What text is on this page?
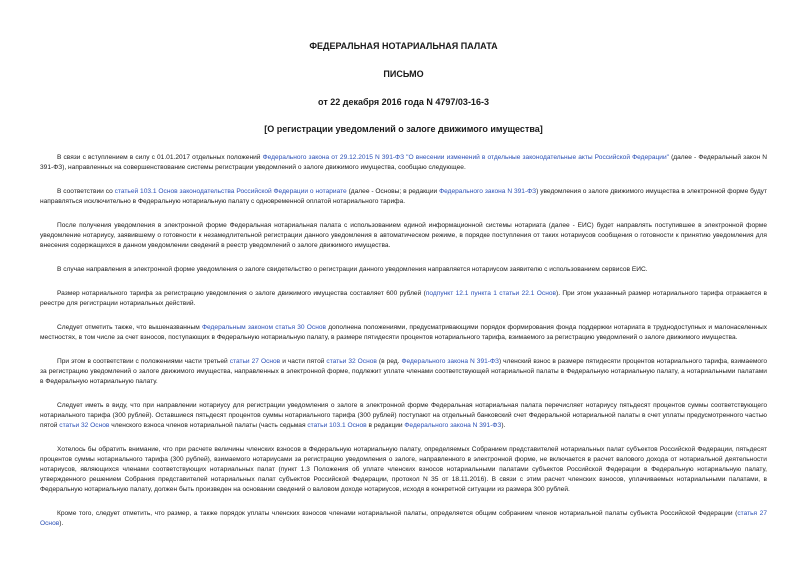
ФЕДЕРАЛЬНАЯ НОТАРИАЛЬНАЯ ПАЛАТА
ПИСЬМО
от 22 декабря 2016 года N 4797/03-16-3
[О регистрации уведомлений о залоге движимого имущества]

В связи с вступлением в силу с 01.01.2017 отдельных положений Федерального закона от 29.12.2015 N 391-ФЗ "О внесении изменений в отдельные законодательные акты Российской Федерации" (далее - Федеральный закон N 391-ФЗ), направленных на совершенствование системы регистрации уведомлений о залоге движимого имущества, сообщаю следующее.

В соответствии со статьей 103.1 Основ законодательства Российской Федерации о нотариате (далее - Основы; в редакции Федерального закона N 391-ФЗ) уведомления о залоге движимого имущества в электронной форме будут направляться исключительно в Федеральную нотариальную палату с одновременной оплатой нотариального тарифа.

После получения уведомления в электронной форме Федеральная нотариальная палата с использованием единой информационной системы нотариата (далее - ЕИС) будет направлять поступившее в электронной форме уведомление нотариусу, заявившему о готовности к незамедлительной регистрации данного уведомления в автоматическом режиме, в порядке поступления от таких нотариусов сообщения о готовности к принятию уведомления для внесения содержащихся в данном уведомлении сведений в реестр уведомлений о залоге движимого имущества.

В случае направления в электронной форме уведомления о залоге свидетельство о регистрации данного уведомления направляется нотариусом заявителю с использованием сервисов ЕИС.

Размер нотариального тарифа за регистрацию уведомления о залоге движимого имущества составляет 600 рублей (подпункт 12.1 пункта 1 статьи 22.1 Основ). При этом указанный размер нотариального тарифа отражается в реестре для регистрации нотариальных действий.

Следует отметить также, что вышеназванным Федеральным законом статья 30 Основ дополнена положениями, предусматривающими порядок формирования фонда поддержки нотариата в труднодоступных и малонаселенных местностях, в том числе за счет взносов, поступающих в Федеральную нотариальную палату, в размере пятидесяти процентов нотариального тарифа, взимаемого за регистрацию уведомлений о залоге движимого имущества.

При этом в соответствии с положениями части третьей статьи 27 Основ и части пятой статьи 32 Основ (в ред. Федерального закона N 391-ФЗ) членский взнос в размере пятидесяти процентов нотариального тарифа, взимаемого за регистрацию уведомлений о залоге движимого имущества, направленных в электронной форме, подлежит уплате членами соответствующей нотариальной палаты в Федеральную нотариальную палату, а нотариальными палатами в Федеральную нотариальную палату.

Следует иметь в виду, что при направлении нотариусу для регистрации уведомления о залоге в электронной форме Федеральная нотариальная палата перечисляет нотариусу пятьдесят процентов суммы соответствующего нотариального тарифа (300 рублей). Оставшиеся пятьдесят процентов суммы нотариального тарифа (300 рублей) поступают на отдельный банковский счет Федеральной нотариальной палаты в счет уплаты предусмотренного частью пятой статьи 32 Основ членского взноса членов нотариальной палаты (часть седьмая статьи 103.1 Основ в редакции Федерального закона N 391-ФЗ).

Хотелось бы обратить внимание, что при расчете величины членских взносов в Федеральную нотариальную палату, определяемых Собранием представителей нотариальных палат субъектов Российской Федерации, пятьдесят процентов суммы нотариального тарифа (300 рублей), взимаемого нотариусами за регистрацию уведомления о залоге, направленного в электронной форме, не включается в расчет валового дохода от нотариальной деятельности нотариусов, являющихся членами соответствующих нотариальных палат (пункт 1.3 Положения об уплате членских взносов нотариальными палатами субъектов Российской Федерации в Федеральную нотариальную палату, утвержденного решением Собрания представителей нотариальных палат субъектов Российской Федерации, протокол N 35 от 18.11.2016). В связи с этим расчет членских взносов, уплачиваемых нотариальными палатами, в Федеральную нотариальную палату, должен быть произведен на основании сведений о валовом доходе нотариусов, исходя в конкретной ситуации из размера 300 рублей.

Кроме того, следует отметить, что размер, а также порядок уплаты членских взносов членами нотариальной палаты, определяется общим собранием членов нотариальной палаты субъекта Российской Федерации (статья 27 Основ).
